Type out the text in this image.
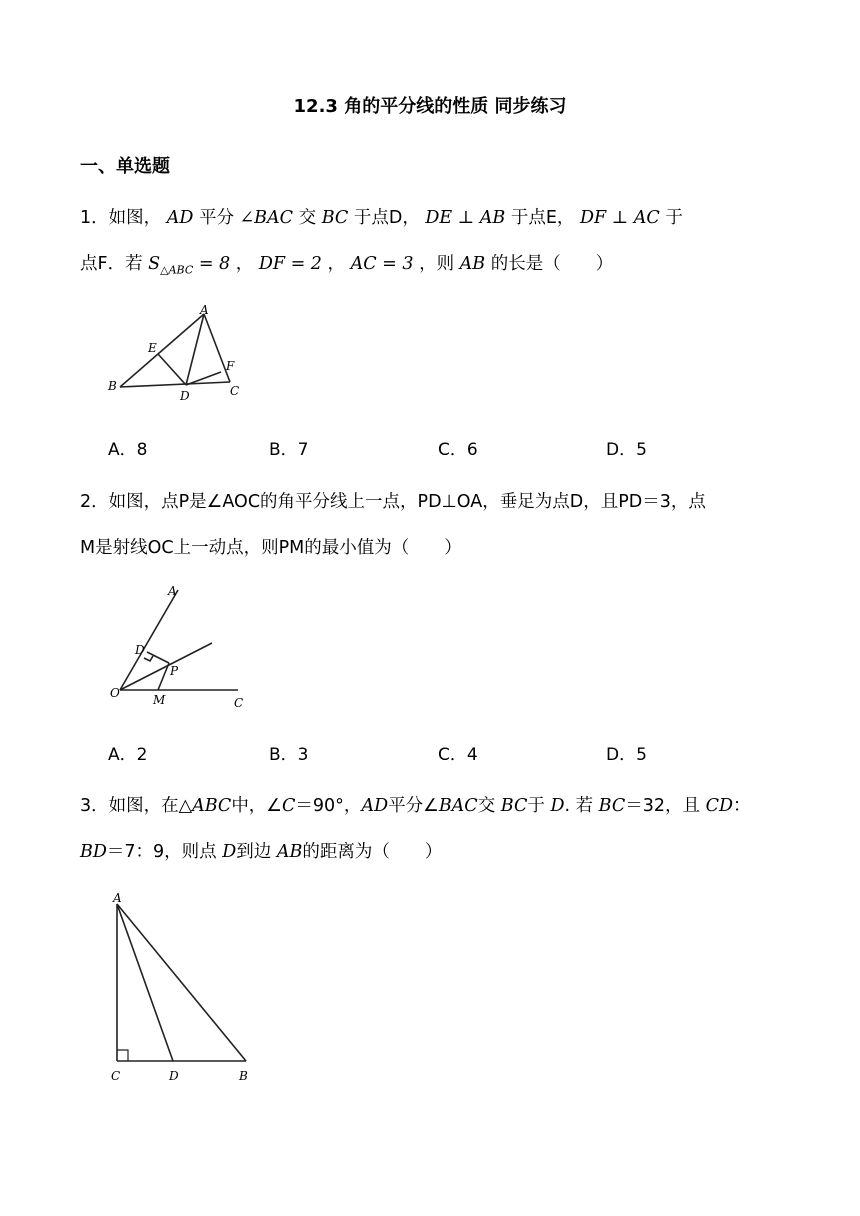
12.3 角的平分线的性质 同步练习
一、单选题
1．如图， AD 平分 ∠BAC 交 BC 于点D， DE ⊥ AB 于点E， DF ⊥ AC 于
点F．若 $S_{\triangle ABC} = 8$ ， DF = 2 ， AC = 3 ，则 AB 的长是（　　）
A
E
F
B
D	C
A．8	B．7	C．6	D．5
2．如图，点P是∠AOC的角平分线上一点，PD⊥OA，垂足为点D，且PD＝3，点
M是射线OC上一动点，则PM的最小值为（　　）
A
D
P
O	M	C
A．2	B．3	C．4	D．5
3．如图，在△ABC中，∠C＝90°，AD平分∠BAC交 BC于 D. 若 BC＝32，且 CD：
BD＝7：9，则点 D到边 AB的距离为（　　）
A
C	D	B
